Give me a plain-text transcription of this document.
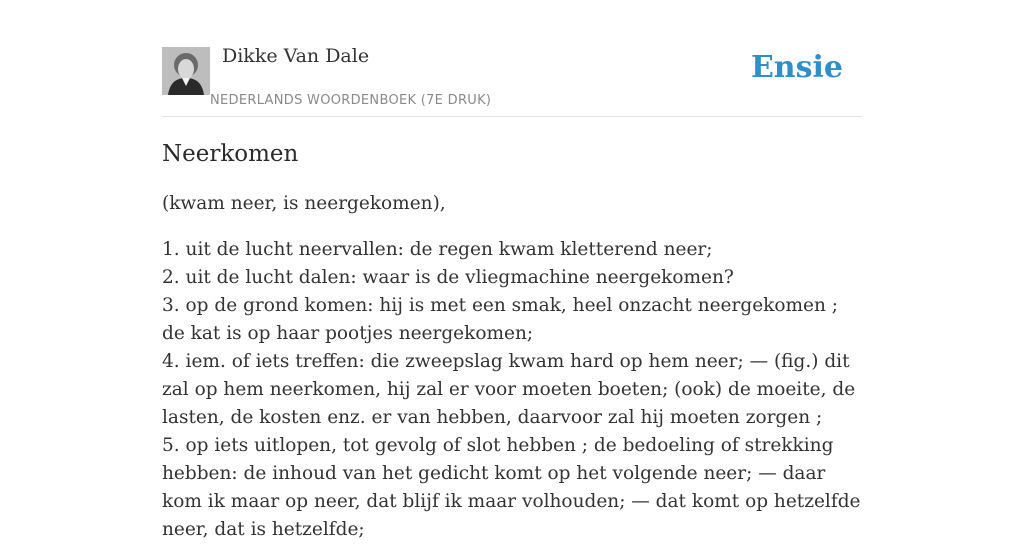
Dikke Van Dale
NEDERLANDS WOORDENBOEK (7E DRUK)
Ensie
Neerkomen

(kwam neer, is neergekomen),

1. uit de lucht neervallen: de regen kwam kletterend neer;
2. uit de lucht dalen: waar is de vliegmachine neergekomen?
3. op de grond komen: hij is met een smak, heel onzacht neergekomen ; de kat is op haar pootjes neergekomen;
4. iem. of iets treffen: die zweepslag kwam hard op hem neer; — (fig.) dit zal op hem neerkomen, hij zal er voor moeten boeten; (ook) de moeite, de lasten, de kosten enz. er van hebben, daarvoor zal hij moeten zorgen ;
5. op iets uitlopen, tot gevolg of slot hebben ; de bedoeling of strekking hebben: de inhoud van het gedicht komt op het volgende neer; — daar kom ik maar op neer, dat blijf ik maar volhouden; — dat komt op hetzelfde neer, dat is hetzelfde;
